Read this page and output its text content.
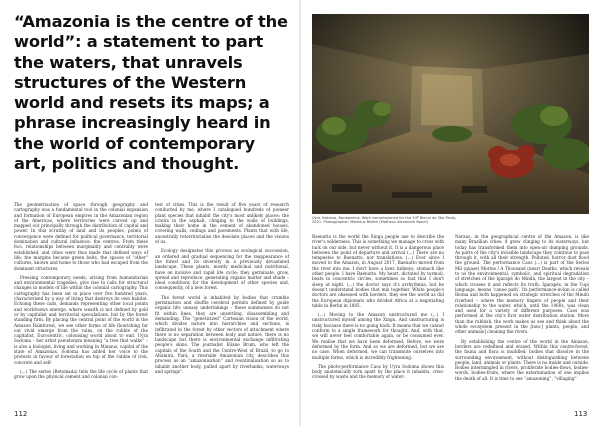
“Amazonia is the centre of the world”: a statement to part the waters, that unravels structures of the Western world and resets its maps; a phrase increasingly heard in the world of contemporary art, politics and thought.

The geometrisation of space through geography and cartography was a fundamental tool in the colonial expansion and formation of European empires in the Amazonian region of the Americas, where territories were carved up and mapped out principally through the distribution of capital and power. In this scrutiny of land and its peoples, points of convergence were defined for political governance, territorial domination and cultural influence: the centres. From these foci, relationships between marginality and centrality were established, and cities were thus made that defined ways of life; the margins became green belts, the spaces of “other” cultures, known and home to those who had escaped from the dominant structures.

Pressing contemporary needs, arising from humanitarian and environmental tragedies, give rise to calls for structural changes in models of life within the colonial cartography. This cartography has been set in place over five hundred years, characterised by a way of living that destroys its own habitat. Echoing these calls, demands representing other local points and worldviews emerge, where wealth is not defined by gold or by capitalist and territorial speculations, but by the forest standing firm. By placing the central point of the world in the Amazon Rainforest, we see other forms of life flourishing far out vivid emerge from the ruins, on the rubble of the capitalist, Eurocentric, colonising world about to end. Uýra Sodoma – her artist pseudonym meaning “a tree that walks” – is also a biologist, living and working in Manaus, capital of the state of Amazonas. Sodoma has added her voice to the protests in favour of forestation on top of the rubble of iron, concrete and self-

(...) The series (Retomada) tells the life cycle of plants that grow upon the physical cement and colonial con-

test of cities. This is the result of five years of research conducted by me, where I catalogued hundreds of pioneer plant species that inhabit the city's most unlikely places: the cracks in the asphalt, clinging to the walls of buildings, making their home in the cement of abandoned houses, covering walls, ceilings and pavements. Plants that with life, ancestrally reterritorialise the desolate places and the visions of us.

Ecology designates this process as ecological succession, an ordered and gradual sequencing for the reappearance of the forest and its diversity in a previously devastated landscape. These plants, mostly medicinal and nutritional, have an incisive and rapid life cycle; they germinate, grow, spread and reproduce, generating organic matter and shade – ideal conditions for the development of other species and, consequently, of a new forest.

The forest world is inhabited by bodies that crumble germination and shuffle cerebral permits defined by guide organic life; uneasy undertakings – these summonses do not fit within lines, they are unsettling, disassembling and demanding. The “geneticized” Cartesian vision of the world, which divides nature into hierarchies and sections, is infiltrated in the forest by other vectors of attachment where there is no separation between body and nature, there is no landscape but there is environmental exchange infiltrating people's skins. The journalist Eliane Brum, who left the capitals of the South and the Centre-West of Brazil, to go to Altamira, Pará, a riverside Amazonian city, describes this process as an “amazonisation” and reontinalisation so as to inhabit another body, pulled apart by riverbanks, waterways and springs”.

112

Uýra Sodoma, Boneworms, Work commissioned for the 34ª Bienal de São Paulo, 2021. Photographer: Matheus Belém (Matheus Alexandre Bandi)

Baenatto is the world the Xingu people use to describe the river's wilderness. This is something we manage to cross with luck on our side, but never without it. It is a dangerous place between the point of departure and arrival (...) There are no tempestes to Baenatto, nor translations. (...) Ever since I moved to the Amazon, in August 2017, Baenatto moved from the river into me. I don't have a liver, kidneys, stomach like other people. I have Baenatto. My heart, dictated by turmoil, beats in concentric circles, sometimes so fast that I don't sleep at night. (...) the doctor says it's arrhythmia, but he doesn't understand bodies that mix together. White people's doctors are obsessed with borders, they see the world as did the European diplomats who divided Africa at a negotiating table in Berlin in 1885.

(...) Moving to the Amazon unstructured me (...) I unstructured myself among the Xingu. And unstructuring is risky because there is no going back. It means that we cannot conform to a single framework for thought. And, with that, we will never feel comfortable again, or be consumed ever. We realise that we have been deformed. Before, we were deformed by the form. And so we are deformed, but we are no case. When deformed, we can transmute ourselves into multiple forms, which is incredibly frightening.

The photo-performance Caos by Uýra Sodoma shows this body anatomically torn apart by the place it inhabits, criss-crossed by waste and the memory of water:

Naraus, in the geographical centre of the Amazon, is like many Brazilian cities: it grew clinging to its waterways, but today has transformed them into open-air dumping grounds. As parts of the city's invisible landscape they continue to pass through it, with all their strength. Polluted, horror dust flood the ground. The performance Caos (...) is part of the Series Mil (quase) Mortes / A Thousand (near) Deaths, which reveals to us the environmental, symbolic, and spiritual degradation of stretches of the Igarapé do Mindú, the largest in the city – which crosses it and reflects its truth. Igarapés, in the Tupi language, means ‘canoe path’. Its performance-in-kin is called Bioma and both happened on strategic stretches of the Mindú riverbed – where the memory lingers of people and their relationship to the water, which, until the 1960s, was clean and used for a variety of different purposes. Caos was performed at the city's first water distribution station. More than the rubbish, the work makes us see and think about the whole ecosystem present in the [non-] plants, people, and other animals] cleaning the rivers.

By establishing the centre of the world in the Amazon, borders are redefined and erased. Within this centre-forest, the fauna and flora is muddled; bodies that dissolve in the surrounding environment, without distinguishing between people, land, animals or plants. There is no inside and outside. Bodies intermingled in rivers, proliferate bodies-flows, bodies-words, bodies-fruits, where the extermination of one implies the death of all. It is time to see “amazoning”, “villaging”

113
